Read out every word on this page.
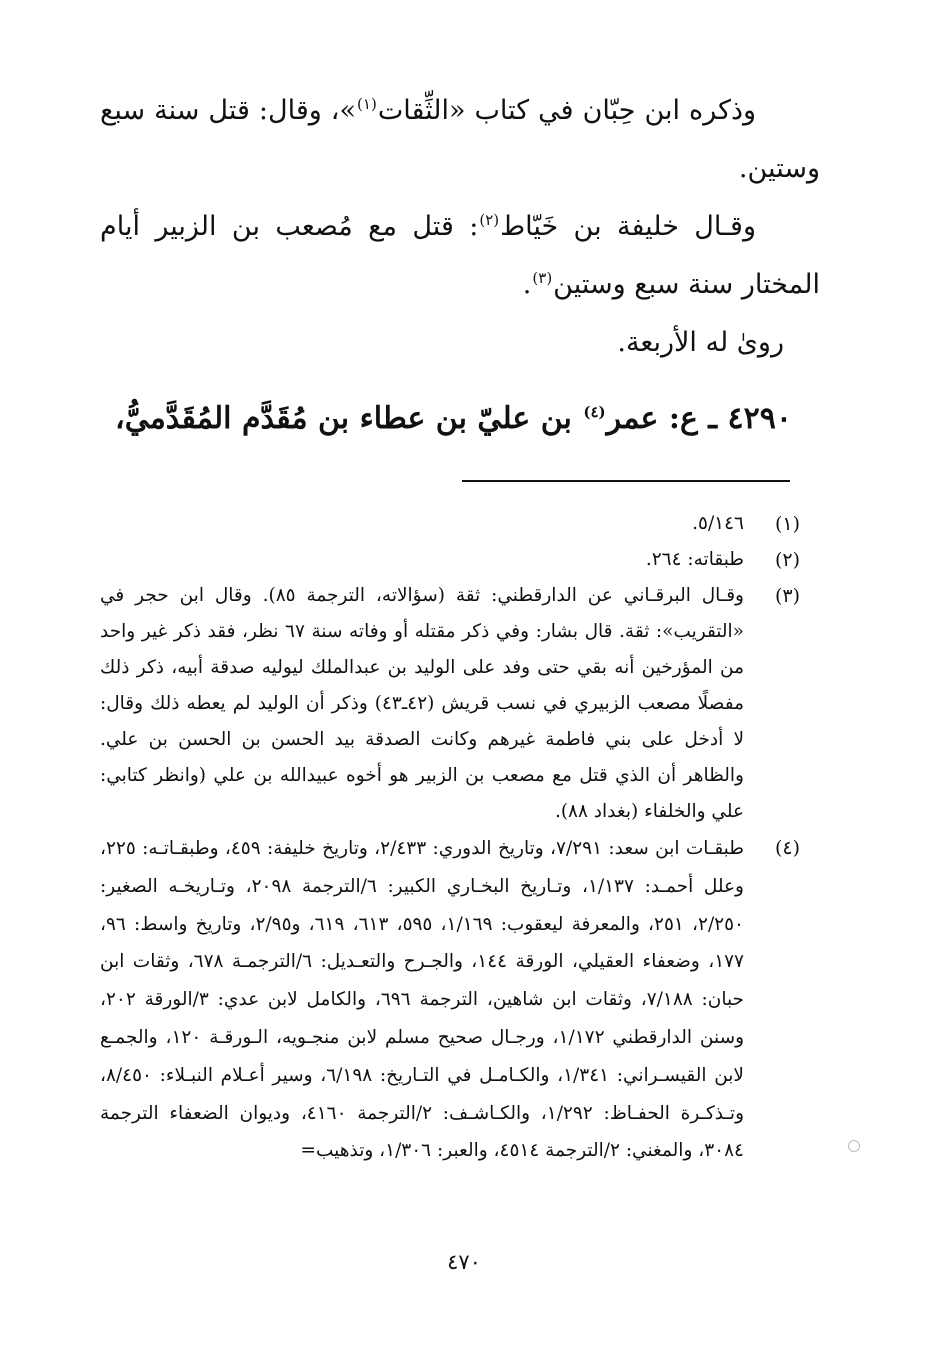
وذكره ابن حِبّان في كتاب «الثِّقات$^{(١)}$»، وقال: قتل سنة سبع وستين.

وقـال خليفة بن خَيّاط$^{(٢)}$: قتل مع مُصعب بن الزبير أيام المختار سنة سبع وستين$^{(٣)}$.

روىٰ له الأربعة.

٤٢٩٠ ـ ع: عمر$^{(٤)}$ بن عليّ بن عطاء بن مُقَدَّم المُقَدَّميُّ،

(١)

٥/١٤٦.

(٢)

طبقاته: ٢٦٤.

(٣)

وقـال البرقـاني عن الدارقطني: ثقة (سؤالاته، الترجمة ٨٥). وقال ابن حجر في «التقريب»: ثقة. قال بشار: وفي ذكر مقتله أو وفاته سنة ٦٧ نظر، فقد ذكر غير واحد من المؤرخين أنه بقي حتى وفد على الوليد بن عبدالملك ليوليه صدقة أبيه، ذكر ذلك مفصلًا مصعب الزبيري في نسب قريش (٤٢ـ٤٣) وذكر أن الوليد لم يعطه ذلك وقال: لا أدخل على بني فاطمة غيرهم وكانت الصدقة بيد الحسن بن الحسن بن علي. والظاهر أن الذي قتل مع مصعب بن الزبير هو أخوه عبيدالله بن علي (وانظر كتابي: علي والخلفاء (بغداد ٨٨).

(٤)

طبقـات ابن سعد: ٧/٢٩١، وتاريخ الدوري: ٢/٤٣٣، وتاريخ خليفة: ٤٥٩، وطبقـاتـه: ٢٢٥، وعلل أحمـد: ١/١٣٧، وتـاريخ البخـاري الكبير: ٦/الترجمة ٢٠٩٨، وتـاريخـه الصغير: ٢/٢٥٠، ٢٥١، والمعرفة ليعقوب: ١/١٦٩، ٥٩٥، ٦١٣، ٦١٩، و٢/٩٥، وتاريخ واسط: ٩٦، ١٧٧، وضعفاء العقيلي، الورقة ١٤٤، والجـرح والتعـديل: ٦/الترجمـة ٦٧٨، وثقات ابن حبان: ٧/١٨٨، وثقات ابن شاهين، الترجمة ٦٩٦، والكامل لابن عدي: ٣/الورقة ٢٠٢، وسنن الدارقطني ١/١٧٢، ورجـال صحيح مسلم لابن منجـويه، الـورقـة ١٢٠، والجمـع لابن القيسـراني: ١/٣٤١، والكـامـل في التـاريخ: ٦/١٩٨، وسير أعـلام النبـلاء: ٨/٤٥٠، وتـذكـرة الحفـاظ: ١/٢٩٢، والكـاشـف: ٢/الترجمة ٤١٦٠، وديوان الضعفاء الترجمة ٣٠٨٤، والمغني: ٢/الترجمة ٤٥١٤، والعبر: ١/٣٠٦، وتذهيب=

٤٧٠
